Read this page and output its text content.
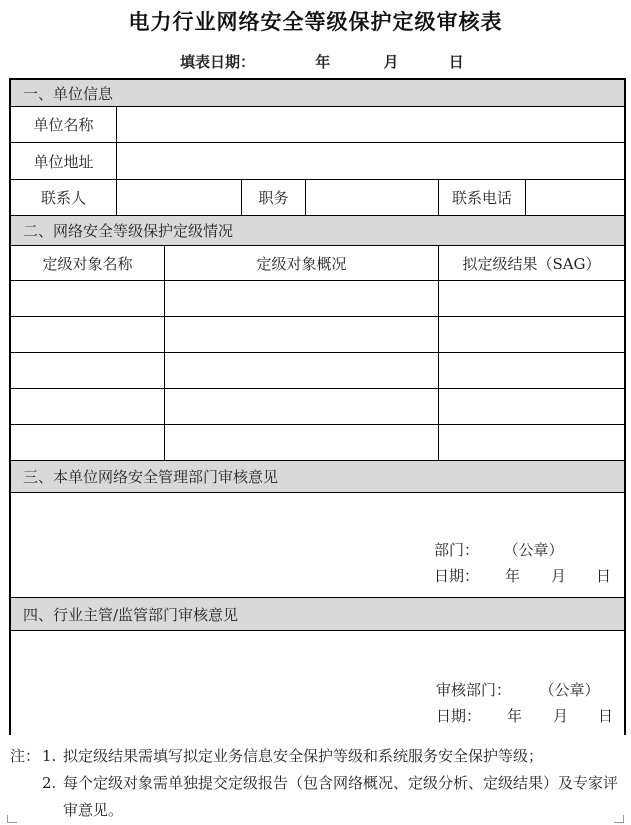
电力行业网络安全等级保护定级审核表
填表日期：	年	月	日
一、单位信息
单位名称
单位地址
联系人	职务	联系电话
二、网络安全等级保护定级情况
定级对象名称	定级对象概况	拟定级结果（SAG）
三、本单位网络安全管理部门审核意见
部门： （公章）
日期： 年 月 日
四、行业主管/监管部门审核意见
审核部门： （公章）
日期： 年 月 日
注： 1. 拟定级结果需填写拟定业务信息安全保护等级和系统服务安全保护等级；
2. 每个定级对象需单独提交定级报告（包含网络概况、定级分析、定级结果）及专家评审意见。
